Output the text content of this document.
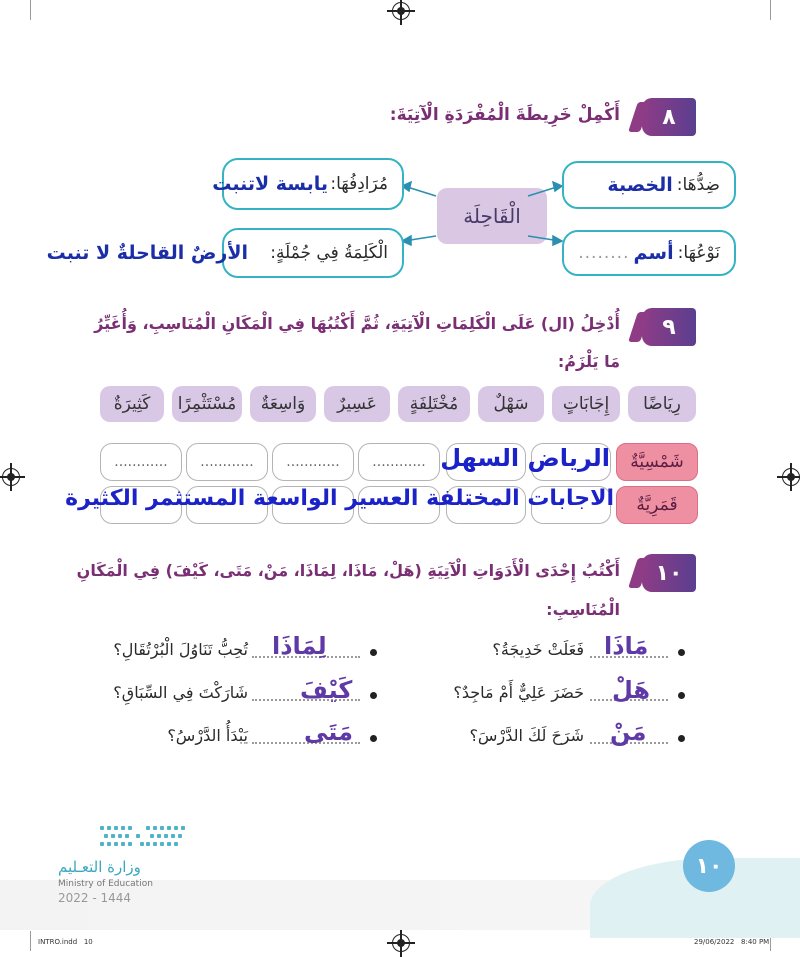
٨
أَكْمِلْ خَرِيطَةَ الْمُفْرَدَةِ الْآتِيَةَ:
الْقَاحِلَة
ضِدُّهَا:
الخصبة
مُرَادِفُهَا:
يابسة لاتنبت
نَوْعُهَا:
أسم
........
الْكَلِمَةُ فِي جُمْلَةٍ:
الأرضٌ القاحلةٌ لا تنبت
٩
أُدْخِلُ (ال) عَلَى الْكَلِمَاتِ الْآتِيَةِ، ثُمَّ أَكْتُبُهَا فِي الْمَكَانِ الْمُنَاسِبِ، وَأُغَيِّرُ
مَا يَلْزَمُ:
رِيَاضًا
إِجَابَاتٍ
سَهْلٌ
مُخْتَلِفَةٍ
عَسِيرٌ
وَاسِعَةٌ
مُسْتَثْمِرًا
كَثِيرَةٌ
شَمْسِيَّةٌ
............
............
............
............	الرياض السهل
قَمَرِيَّةٌ
الاجابات المختلفة العسير الواسعة المستثمر الكثيرة
١٠
أَكْتُبُ إِحْدَى الْأَدَوَاتِ الْآتِيَةِ (هَلْ، مَاذَا، لِمَاذَا، مَنْ، مَتَى، كَيْفَ) فِي الْمَكَانِ
الْمُنَاسِبِ:
مَاذَا
فَعَلَتْ خَدِيجَةُ؟
هَلْ
حَضَرَ عَلِيٌّ أَمْ مَاجِدٌ؟
مَنْ
شَرَحَ لَكَ الدَّرْسَ؟
لِمَاذَا
تُحِبُّ تَنَاوُلَ الْبُرْتُقَالِ؟
كَيْفَ
شَارَكْتَ فِي السِّبَاقِ؟
مَتَى
يَبْدَأُ الدَّرْسُ؟
١٠
وزارة التعـليم
Ministry of Education
2022 - 1444
INTRO.indd   10	29/06/2022   8:40 PM
